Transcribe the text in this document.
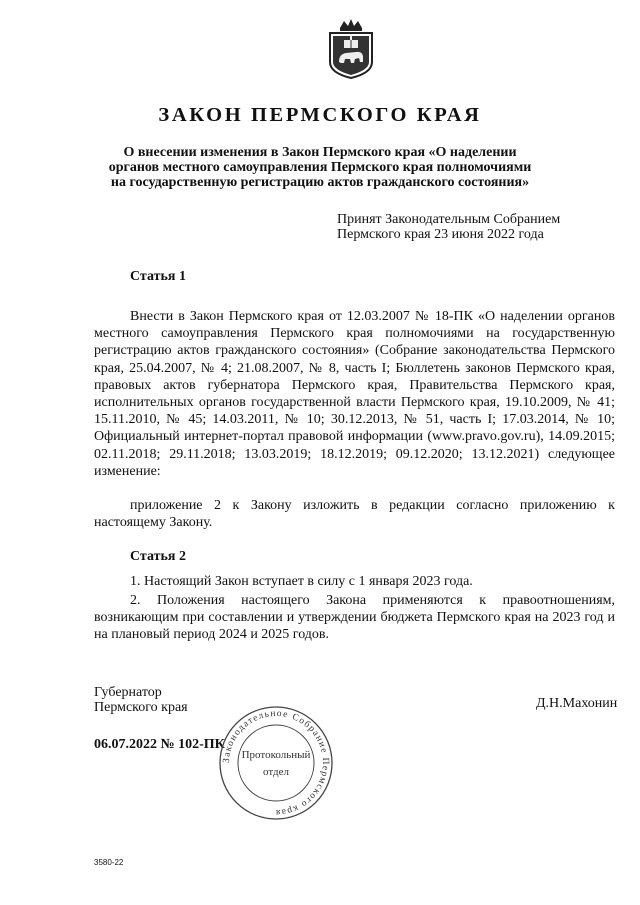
ЗАКОН ПЕРМСКОГО КРАЯ
О внесении изменения в Закон Пермского края «О наделении
органов местного самоуправления Пермского края полномочиями
на государственную регистрацию актов гражданского состояния»
Принят Законодательным Собранием
Пермского края 23 июня 2022 года
Статья 1

Внести в Закон Пермского края от 12.03.2007 № 18-ПК «О наделении органов местного самоуправления Пермского края полномочиями на государственную регистрацию актов гражданского состояния» (Собрание законодательства Пермского края, 25.04.2007, № 4; 21.08.2007, № 8, часть I; Бюллетень законов Пермского края, правовых актов губернатора Пермского края, Правительства Пермского края, исполнительных органов государственной власти Пермского края, 19.10.2009, № 41; 15.11.2010, № 45; 14.03.2011, № 10; 30.12.2013, № 51, часть I; 17.03.2014, № 10; Официальный интернет-портал правовой информации (www.pravo.gov.ru), 14.09.2015; 02.11.2018; 29.11.2018; 13.03.2019; 18.12.2019; 09.12.2020; 13.12.2021) следующее изменение:

приложение 2 к Закону изложить в редакции согласно приложению к настоящему Закону.

Статья 2

1. Настоящий Закон вступает в силу с 1 января 2023 года.

2. Положения настоящего Закона применяются к правоотношениям, возникающим при составлении и утверждении бюджета Пермского края на 2023 год и на плановый период 2024 и 2025 годов.

Губернатор
Пермского края	Д.Н.Махонин
06.07.2022 № 102-ПК
Законодательное Собрание Пермского края
Протокольный
отдел
3580-22
